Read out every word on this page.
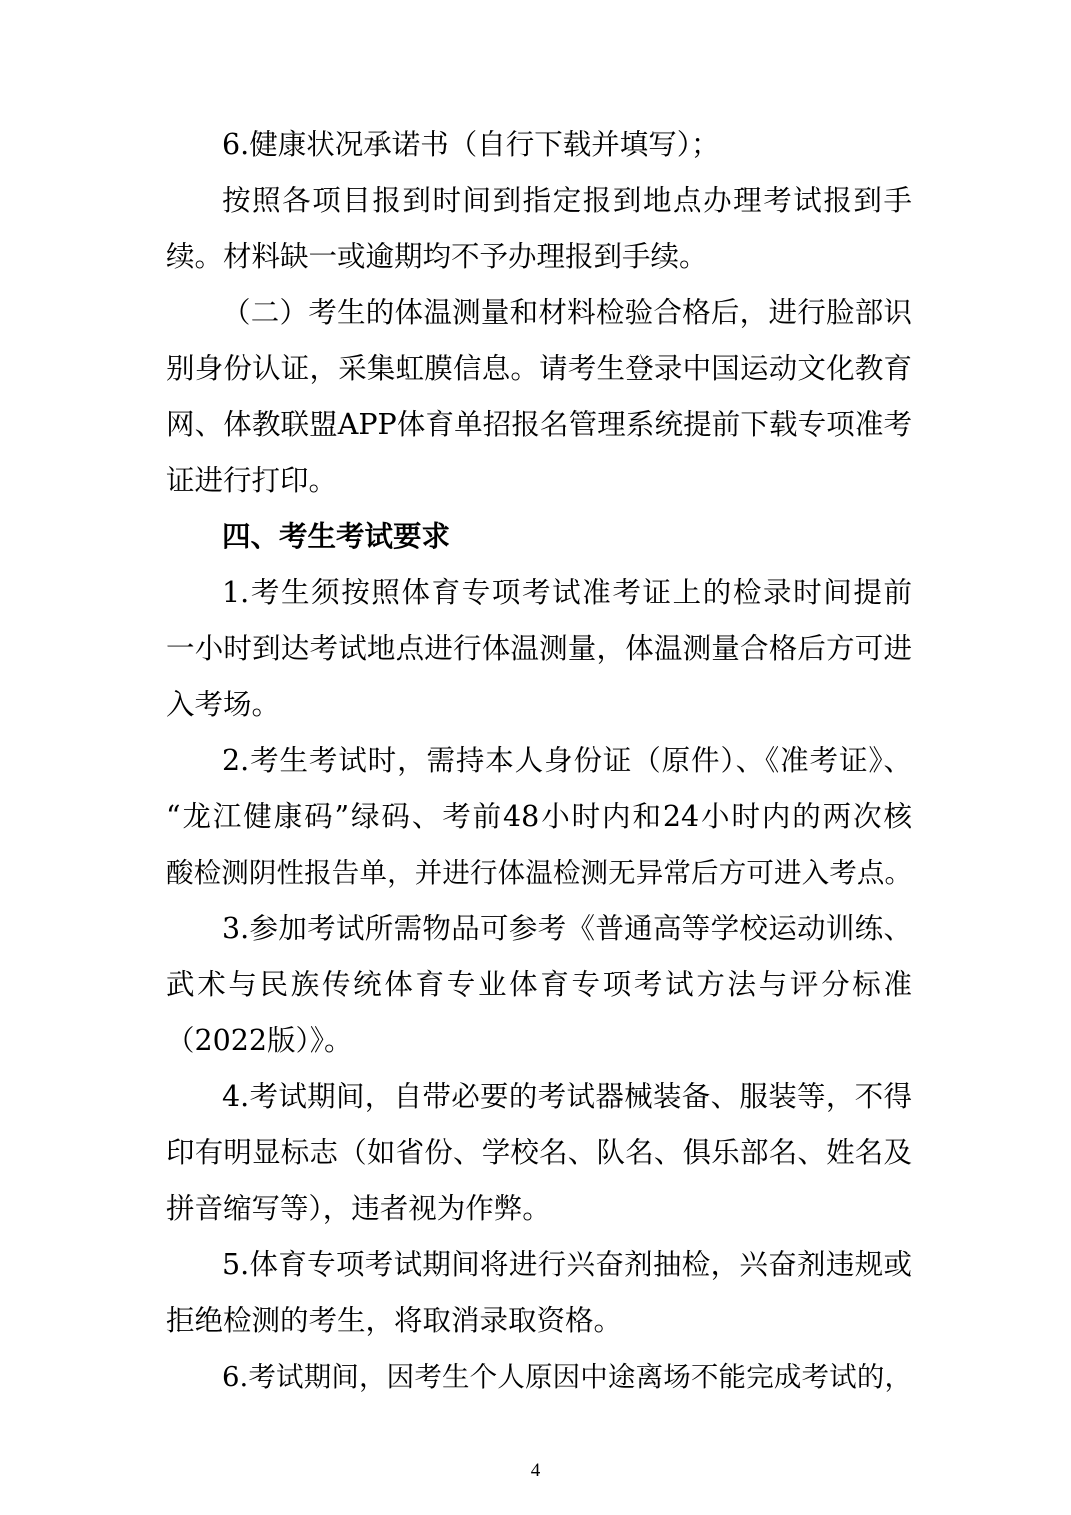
6.健康状况承诺书（自行下载并填写）；
按照各项目报到时间到指定报到地点办理考试报到手
续。材料缺一或逾期均不予办理报到手续。
（二）考生的体温测量和材料检验合格后，进行脸部识
别身份认证，采集虹膜信息。请考生登录中国运动文化教育
网、体教联盟APP体育单招报名管理系统提前下载专项准考
证进行打印。
四、考生考试要求
1.考生须按照体育专项考试准考证上的检录时间提前
一小时到达考试地点进行体温测量，体温测量合格后方可进
入考场。
2.考生考试时，需持本人身份证（原件）、《准考证》、
“龙江健康码”绿码、考前48小时内和24小时内的两次核
酸检测阴性报告单，并进行体温检测无异常后方可进入考点。
3.参加考试所需物品可参考《普通高等学校运动训练、
武术与民族传统体育专业体育专项考试方法与评分标准
（2022版）》。
4.考试期间，自带必要的考试器械装备、服装等，不得
印有明显标志（如省份、学校名、队名、俱乐部名、姓名及
拼音缩写等），违者视为作弊。
5.体育专项考试期间将进行兴奋剂抽检，兴奋剂违规或
拒绝检测的考生，将取消录取资格。
6.考试期间，因考生个人原因中途离场不能完成考试的，
4
